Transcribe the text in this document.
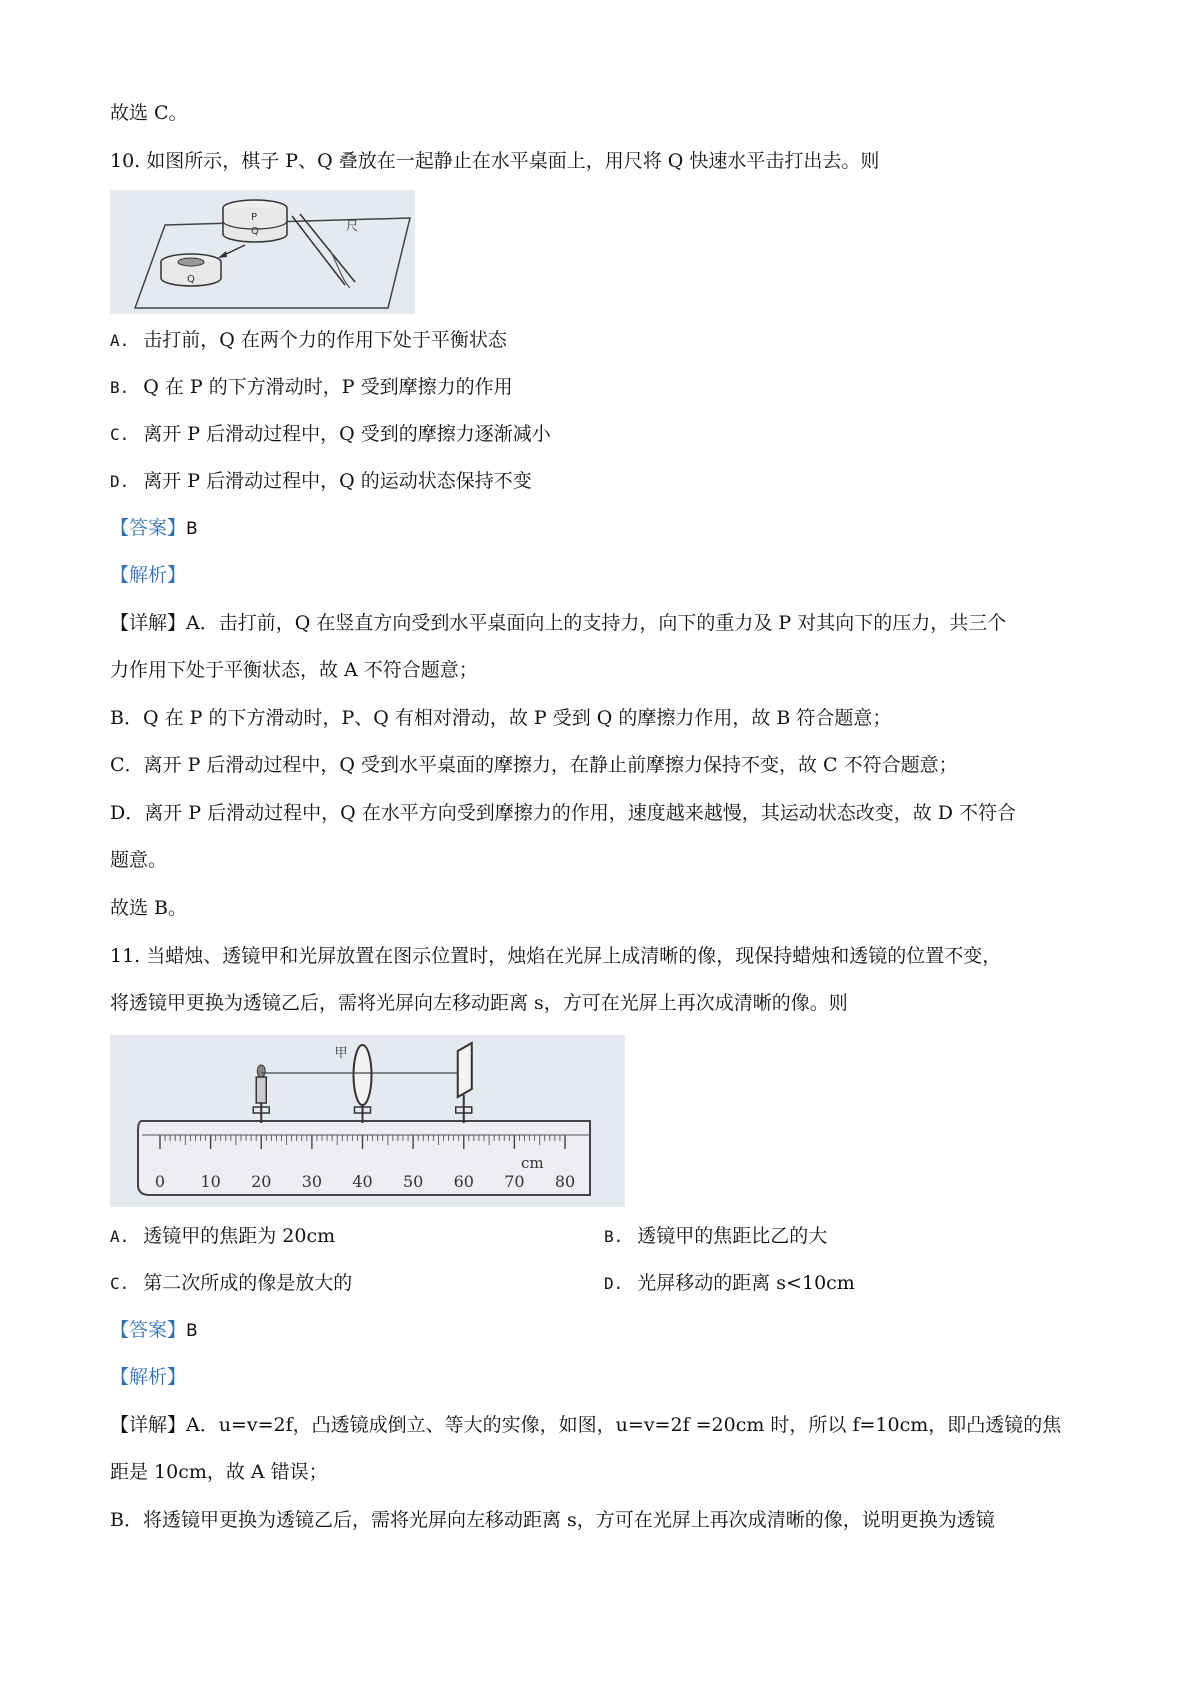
故选 C。
10. 如图所示，棋子 P、Q 叠放在一起静止在水平桌面上，用尺将 Q 快速水平击打出去。则
P
Q
Q
尺
A. 击打前，Q 在两个力的作用下处于平衡状态
B. Q 在 P 的下方滑动时，P 受到摩擦力的作用
C. 离开 P 后滑动过程中，Q 受到的摩擦力逐渐减小
D. 离开 P 后滑动过程中，Q 的运动状态保持不变
【答案】B
【解析】
【详解】A．击打前，Q 在竖直方向受到水平桌面向上的支持力，向下的重力及 P 对其向下的压力，共三个
力作用下处于平衡状态，故 A 不符合题意；
B．Q 在 P 的下方滑动时，P、Q 有相对滑动，故 P 受到 Q 的摩擦力作用，故 B 符合题意；
C．离开 P 后滑动过程中，Q 受到水平桌面的摩擦力，在静止前摩擦力保持不变，故 C 不符合题意；
D．离开 P 后滑动过程中，Q 在水平方向受到摩擦力的作用，速度越来越慢，其运动状态改变，故 D 不符合
题意。
故选 B。
11. 当蜡烛、透镜甲和光屏放置在图示位置时，烛焰在光屏上成清晰的像，现保持蜡烛和透镜的位置不变，
将透镜甲更换为透镜乙后，需将光屏向左移动距离 s，方可在光屏上再次成清晰的像。则
0 10 20 30 40 50 60 70 80
cm
甲
A. 透镜甲的焦距为 20cm	B. 透镜甲的焦距比乙的大
C. 第二次所成的像是放大的	D. 光屏移动的距离 s<10cm
【答案】B
【解析】
【详解】A．u=v=2f，凸透镜成倒立、等大的实像，如图，u=v=2f =20cm 时，所以 f=10cm，即凸透镜的焦
距是 10cm，故 A 错误；
B．将透镜甲更换为透镜乙后，需将光屏向左移动距离 s，方可在光屏上再次成清晰的像，说明更换为透镜
